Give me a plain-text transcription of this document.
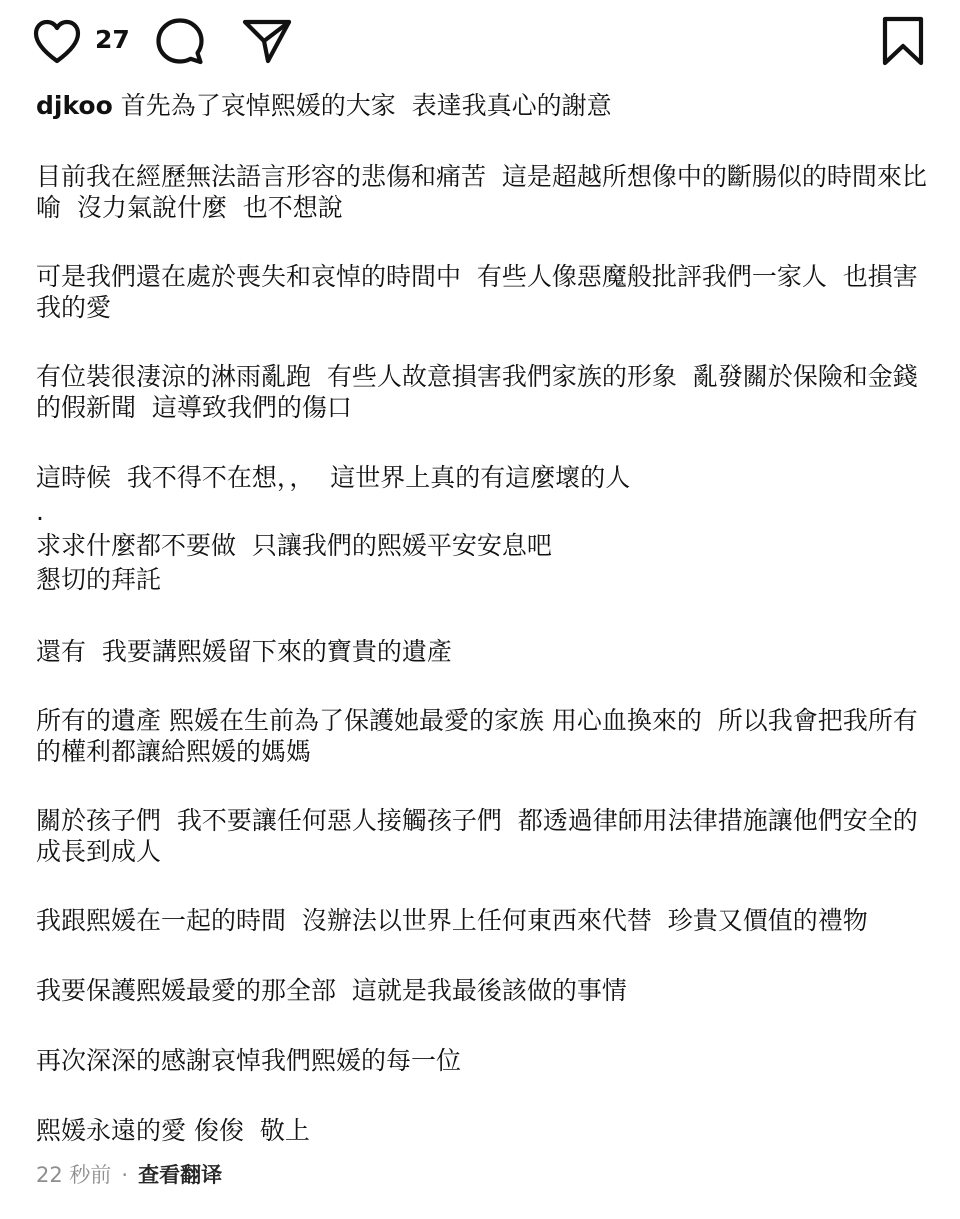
27

djkoo 首先為了哀悼熙媛的大家  表達我真心的謝意

目前我在經歷無法語言形容的悲傷和痛苦  這是超越所想像中的斷腸似的時間來比喻  沒力氣說什麼  也不想說

可是我們還在處於喪失和哀悼的時間中  有些人像惡魔般批評我們一家人  也損害我的愛

有位裝很淒涼的淋雨亂跑  有些人故意損害我們家族的形象  亂發關於保險和金錢的假新聞  這導致我們的傷口

這時候  我不得不在想，，  這世界上真的有這麼壞的人
.
求求什麼都不要做  只讓我們的熙媛平安安息吧
懇切的拜託

還有  我要講熙媛留下來的寶貴的遺產

所有的遺產 熙媛在生前為了保護她最愛的家族 用心血換來的  所以我會把我所有的權利都讓給熙媛的媽媽

關於孩子們  我不要讓任何惡人接觸孩子們  都透過律師用法律措施讓他們安全的成長到成人

我跟熙媛在一起的時間  沒辦法以世界上任何東西來代替  珍貴又價值的禮物

我要保護熙媛最愛的那全部  這就是我最後該做的事情

再次深深的感謝哀悼我們熙媛的每一位

熙媛永遠的愛 俊俊  敬上

22 秒前 · 查看翻译
